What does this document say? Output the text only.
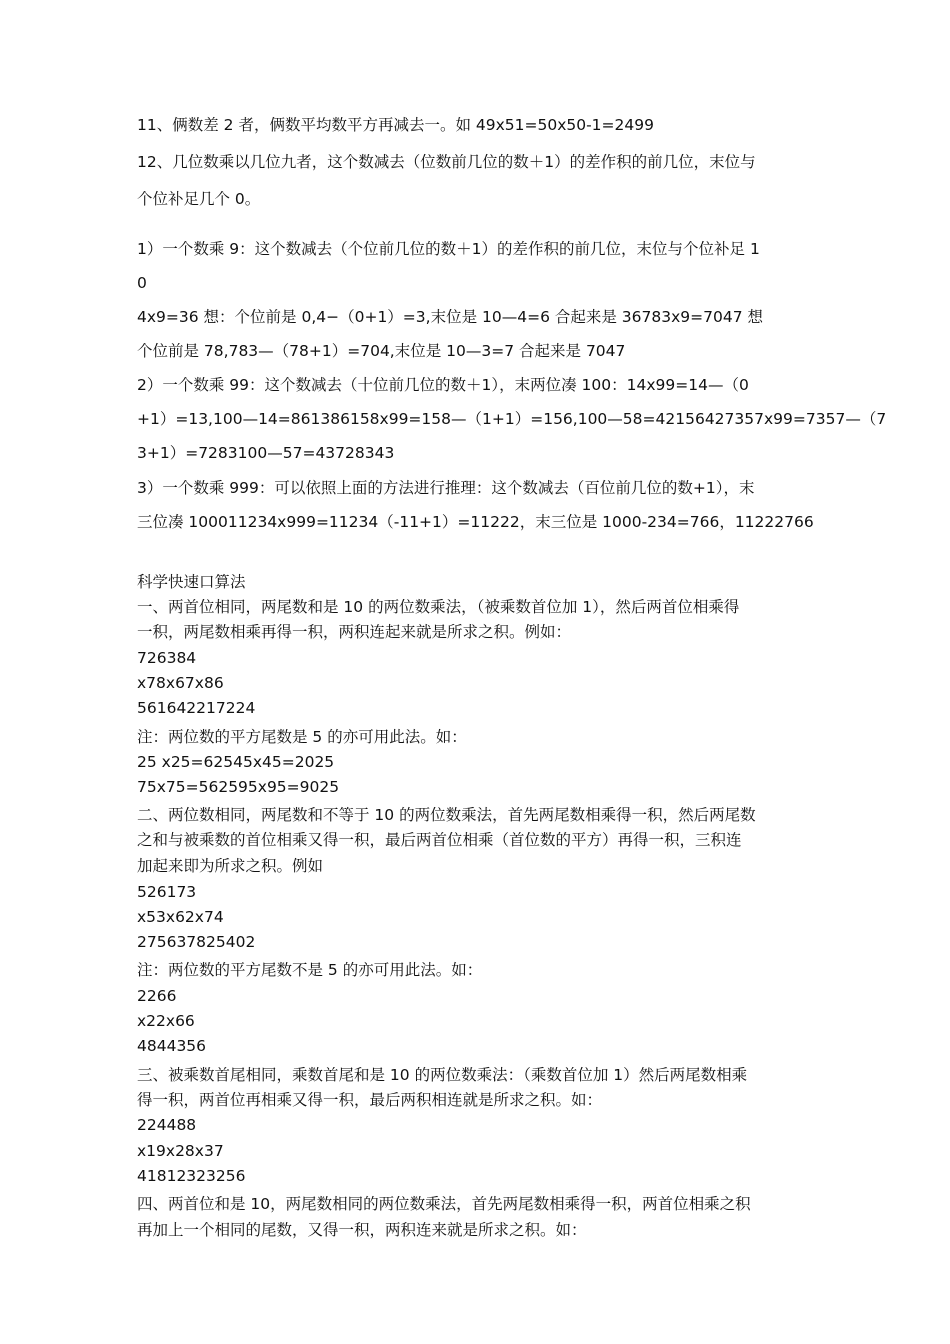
11、俩数差 2 者，俩数平均数平方再减去一。如 49x51=50x50-1=2499
12、几位数乘以几位九者，这个数减去（位数前几位的数＋1）的差作积的前几位，末位与
个位补足几个 0。
1）一个数乘 9：这个数减去（个位前几位的数＋1）的差作积的前几位，末位与个位补足 1
0
4x9=36 想：个位前是 0,4−（0+1）=3,末位是 10—4=6 合起来是 36783x9=7047 想
个位前是 78,783—（78+1）=704,末位是 10—3=7 合起来是 7047
2）一个数乘 99：这个数减去（十位前几位的数＋1），末两位凑 100：14x99=14—（0
+1）=13,100—14=861386158x99=158—（1+1）=156,100—58=42156427357x99=7357—（7
3+1）=7283100—57=43728343
3）一个数乘 999：可以依照上面的方法进行推理：这个数减去（百位前几位的数+1），末
三位凑 100011234x999=11234（-11+1）=11222，末三位是 1000-234=766，11222766
科学快速口算法
一、两首位相同，两尾数和是 10 的两位数乘法，（被乘数首位加 1），然后两首位相乘得
一积，两尾数相乘再得一积，两积连起来就是所求之积。例如：
726384
x78x67x86
561642217224
注：两位数的平方尾数是 5 的亦可用此法。如：
25 x25=62545x45=2025
75x75=562595x95=9025
二、两位数相同，两尾数和不等于 10 的两位数乘法，首先两尾数相乘得一积，然后两尾数
之和与被乘数的首位相乘又得一积，最后两首位相乘（首位数的平方）再得一积，三积连
加起来即为所求之积。例如
526173
x53x62x74
275637825402
注：两位数的平方尾数不是 5 的亦可用此法。如：
2266
x22x66
4844356
三、被乘数首尾相同，乘数首尾和是 10 的两位数乘法：（乘数首位加 1）然后两尾数相乘
得一积，两首位再相乘又得一积，最后两积相连就是所求之积。如：
224488
x19x28x37
41812323256
四、两首位和是 10，两尾数相同的两位数乘法，首先两尾数相乘得一积，两首位相乘之积
再加上一个相同的尾数，又得一积，两积连来就是所求之积。如：
